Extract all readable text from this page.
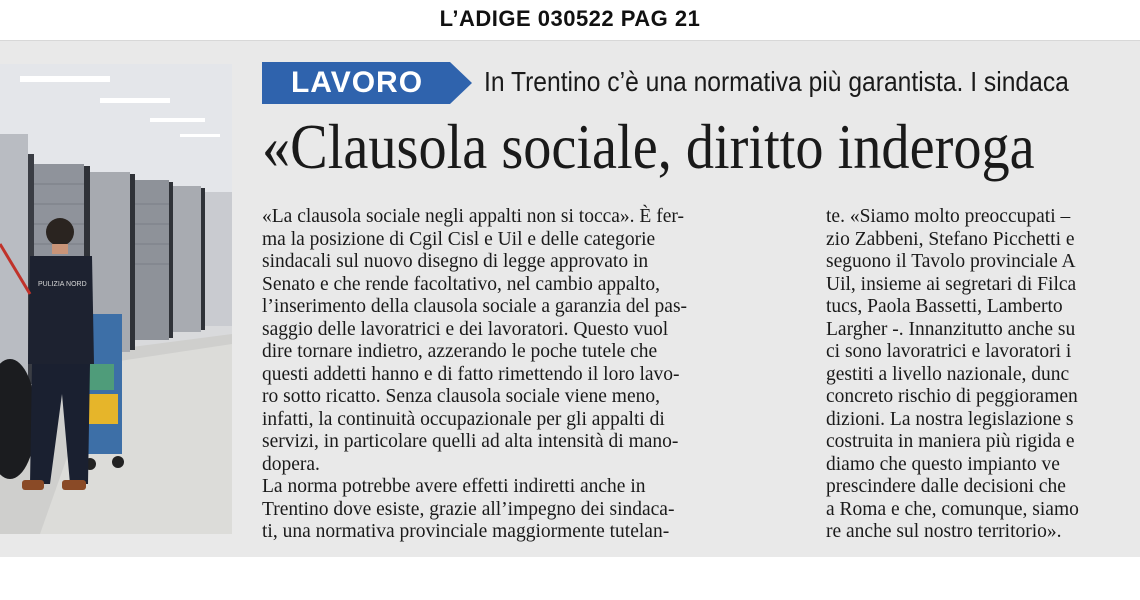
L’ADIGE 030522 PAG 21
PULIZIA NORD
LAVORO	In Trentino c’è una normativa più garantista. I sindaca
«Clausola sociale, diritto inderoga
«La clausola sociale negli appalti non si tocca». È fer-
ma la posizione di Cgil Cisl e Uil e delle categorie
sindacali sul nuovo disegno di legge approvato in
Senato e che rende facoltativo, nel cambio appalto,
l’inserimento della clausola sociale a garanzia del pas-
saggio delle lavoratrici e dei lavoratori. Questo vuol
dire tornare indietro, azzerando le poche tutele che
questi addetti hanno e di fatto rimettendo il loro lavo-
ro sotto ricatto. Senza clausola sociale viene meno,
infatti, la continuità occupazionale per gli appalti di
servizi, in particolare quelli ad alta intensità di mano-
dopera.
La norma potrebbe avere effetti indiretti anche in
Trentino dove esiste, grazie all’impegno dei sindaca-
ti, una normativa provinciale maggiormente tutelan-
te. «Siamo molto preoccupati –
zio Zabbeni, Stefano Picchetti e
seguono il Tavolo provinciale A
Uil, insieme ai segretari di Filca
tucs, Paola Bassetti, Lamberto
Largher -. Innanzitutto anche su
ci sono lavoratrici e lavoratori i
gestiti a livello nazionale, dunc
concreto rischio di peggioramen
dizioni. La nostra legislazione s
costruita in maniera più rigida e
diamo che questo impianto ve
prescindere dalle decisioni che
a Roma e che, comunque, siamo
re anche sul nostro territorio».
